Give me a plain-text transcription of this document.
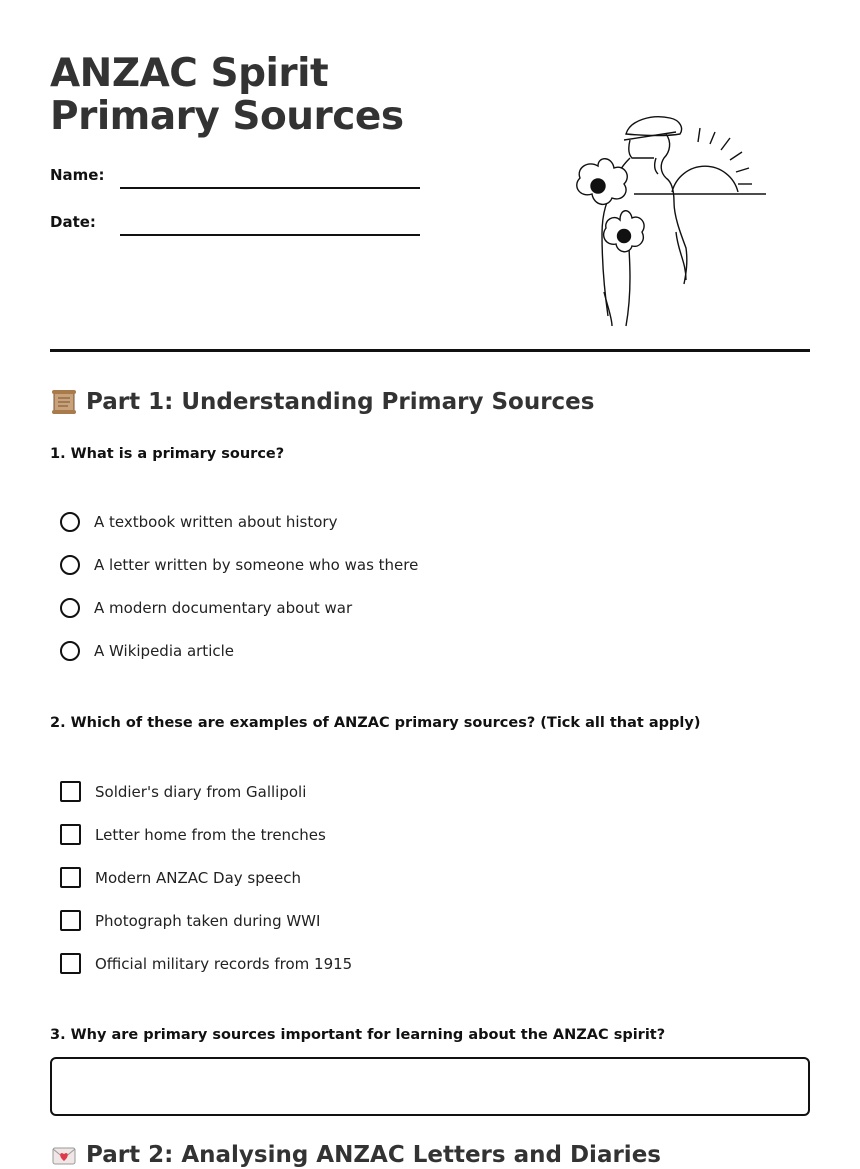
ANZAC Spirit Primary Sources
Name:
Date:
Part 1: Understanding Primary Sources
1. What is a primary source?
A textbook written about history
A letter written by someone who was there
A modern documentary about war
A Wikipedia article
2. Which of these are examples of ANZAC primary sources? (Tick all that apply)
Soldier's diary from Gallipoli
Letter home from the trenches
Modern ANZAC Day speech
Photograph taken during WWI
Official military records from 1915
3. Why are primary sources important for learning about the ANZAC spirit?
Part 2: Analysing ANZAC Letters and Diaries
